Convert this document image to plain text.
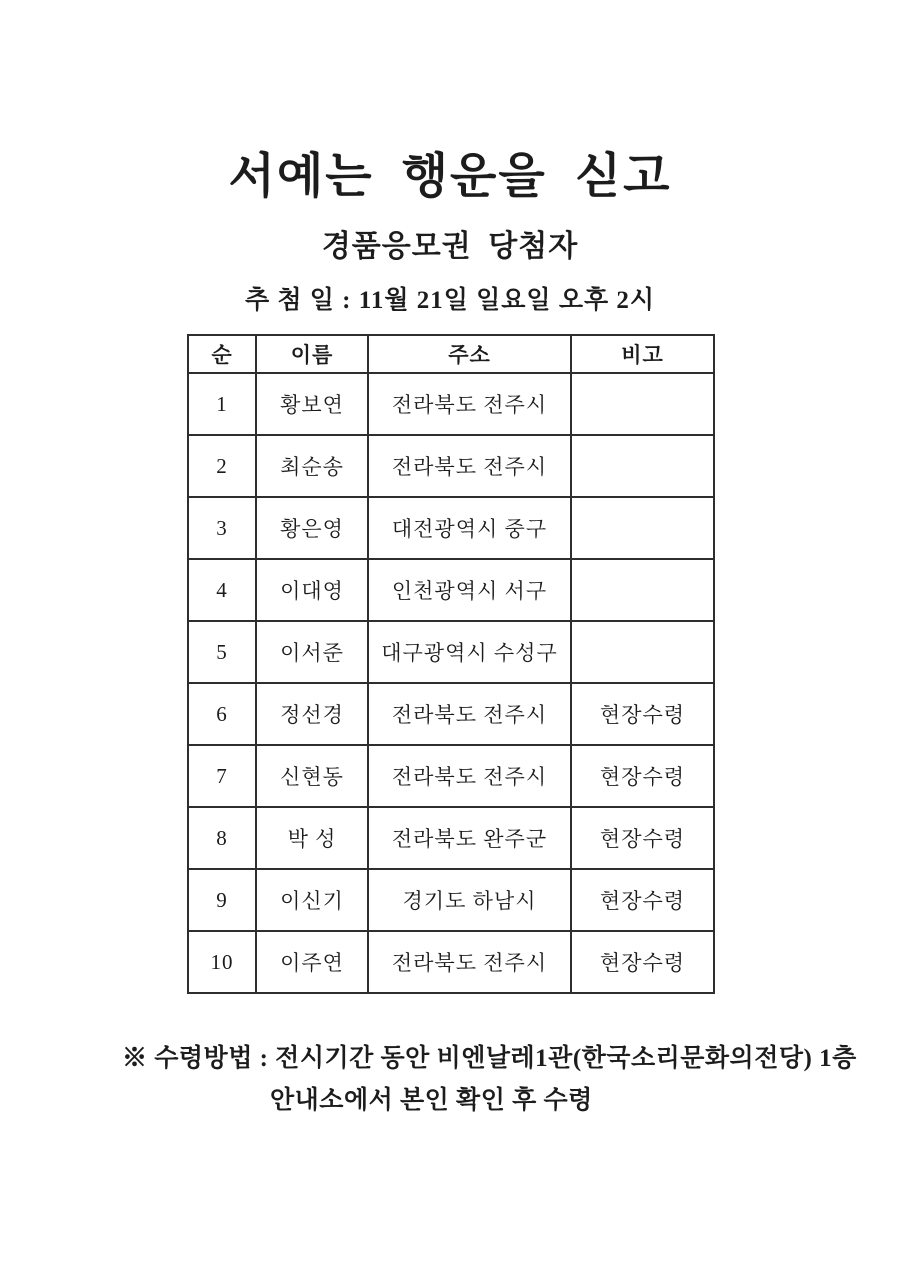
서예는 행운을 싣고
경품응모권 당첨자

추 첨 일 : 11월 21일 일요일 오후 2시

순	이름	주소	비고
1	황보연	전라북도 전주시	
2	최순송	전라북도 전주시	
3	황은영	대전광역시 중구	
4	이대영	인천광역시 서구	
5	이서준	대구광역시 수성구	
6	정선경	전라북도 전주시	현장수령
7	신현동	전라북도 전주시	현장수령
8	박 성	전라북도 완주군	현장수령
9	이신기	경기도 하남시	현장수령
10	이주연	전라북도 전주시	현장수령

※ 수령방법 : 전시기간 동안 비엔날레1관(한국소리문화의전당) 1층

안내소에서 본인 확인 후 수령
